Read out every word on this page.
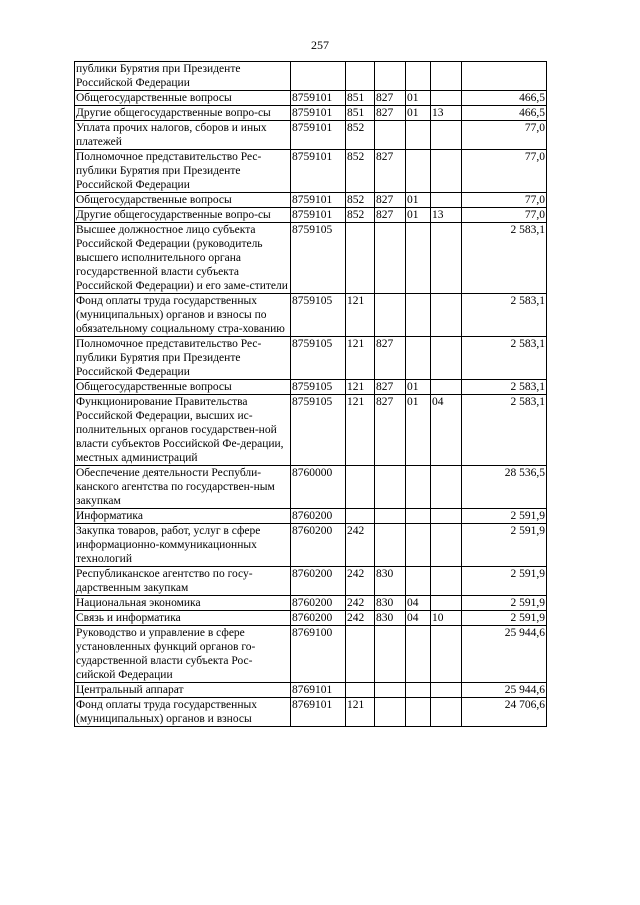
257
публики Бурятия при Президенте Российской Федерации						
Общегосударственные вопросы	8759101	851	827	01		466,5
Другие общегосударственные вопро-сы	8759101	851	827	01	13	466,5
Уплата прочих налогов, сборов и иных платежей	8759101	852				77,0
Полномочное представительство Рес-публики Бурятия при Президенте Российской Федерации	8759101	852	827			77,0
Общегосударственные вопросы	8759101	852	827	01		77,0
Другие общегосударственные вопро-сы	8759101	852	827	01	13	77,0
Высшее должностное лицо субъекта Российской Федерации (руководитель высшего исполнительного органа государственной власти субъекта Российской Федерации) и его заме-стители	8759105					2 583,1
Фонд оплаты труда государственных (муниципальных) органов и взносы по обязательному социальному стра-хованию	8759105	121				2 583,1
Полномочное представительство Рес-публики Бурятия при Президенте Российской Федерации	8759105	121	827			2 583,1
Общегосударственные вопросы	8759105	121	827	01		2 583,1
Функционирование Правительства Российской Федерации, высших ис-полнительных органов государствен-ной власти субъектов Российской Фе-дерации, местных администраций	8759105	121	827	01	04	2 583,1
Обеспечение деятельности Республи-канского агентства по государствен-ным закупкам	8760000					28 536,5
Информатика	8760200					2 591,9
Закупка товаров, работ, услуг в сфере информационно-коммуникационных технологий	8760200	242				2 591,9
Республиканское агентство по госу-дарственным закупкам	8760200	242	830			2 591,9
Национальная экономика	8760200	242	830	04		2 591,9
Связь и информатика	8760200	242	830	04	10	2 591,9
Руководство и управление в сфере установленных функций органов го-сударственной власти субъекта Рос-сийской Федерации	8769100					25 944,6
Центральный аппарат	8769101					25 944,6
Фонд оплаты труда государственных (муниципальных) органов и взносы	8769101	121				24 706,6
